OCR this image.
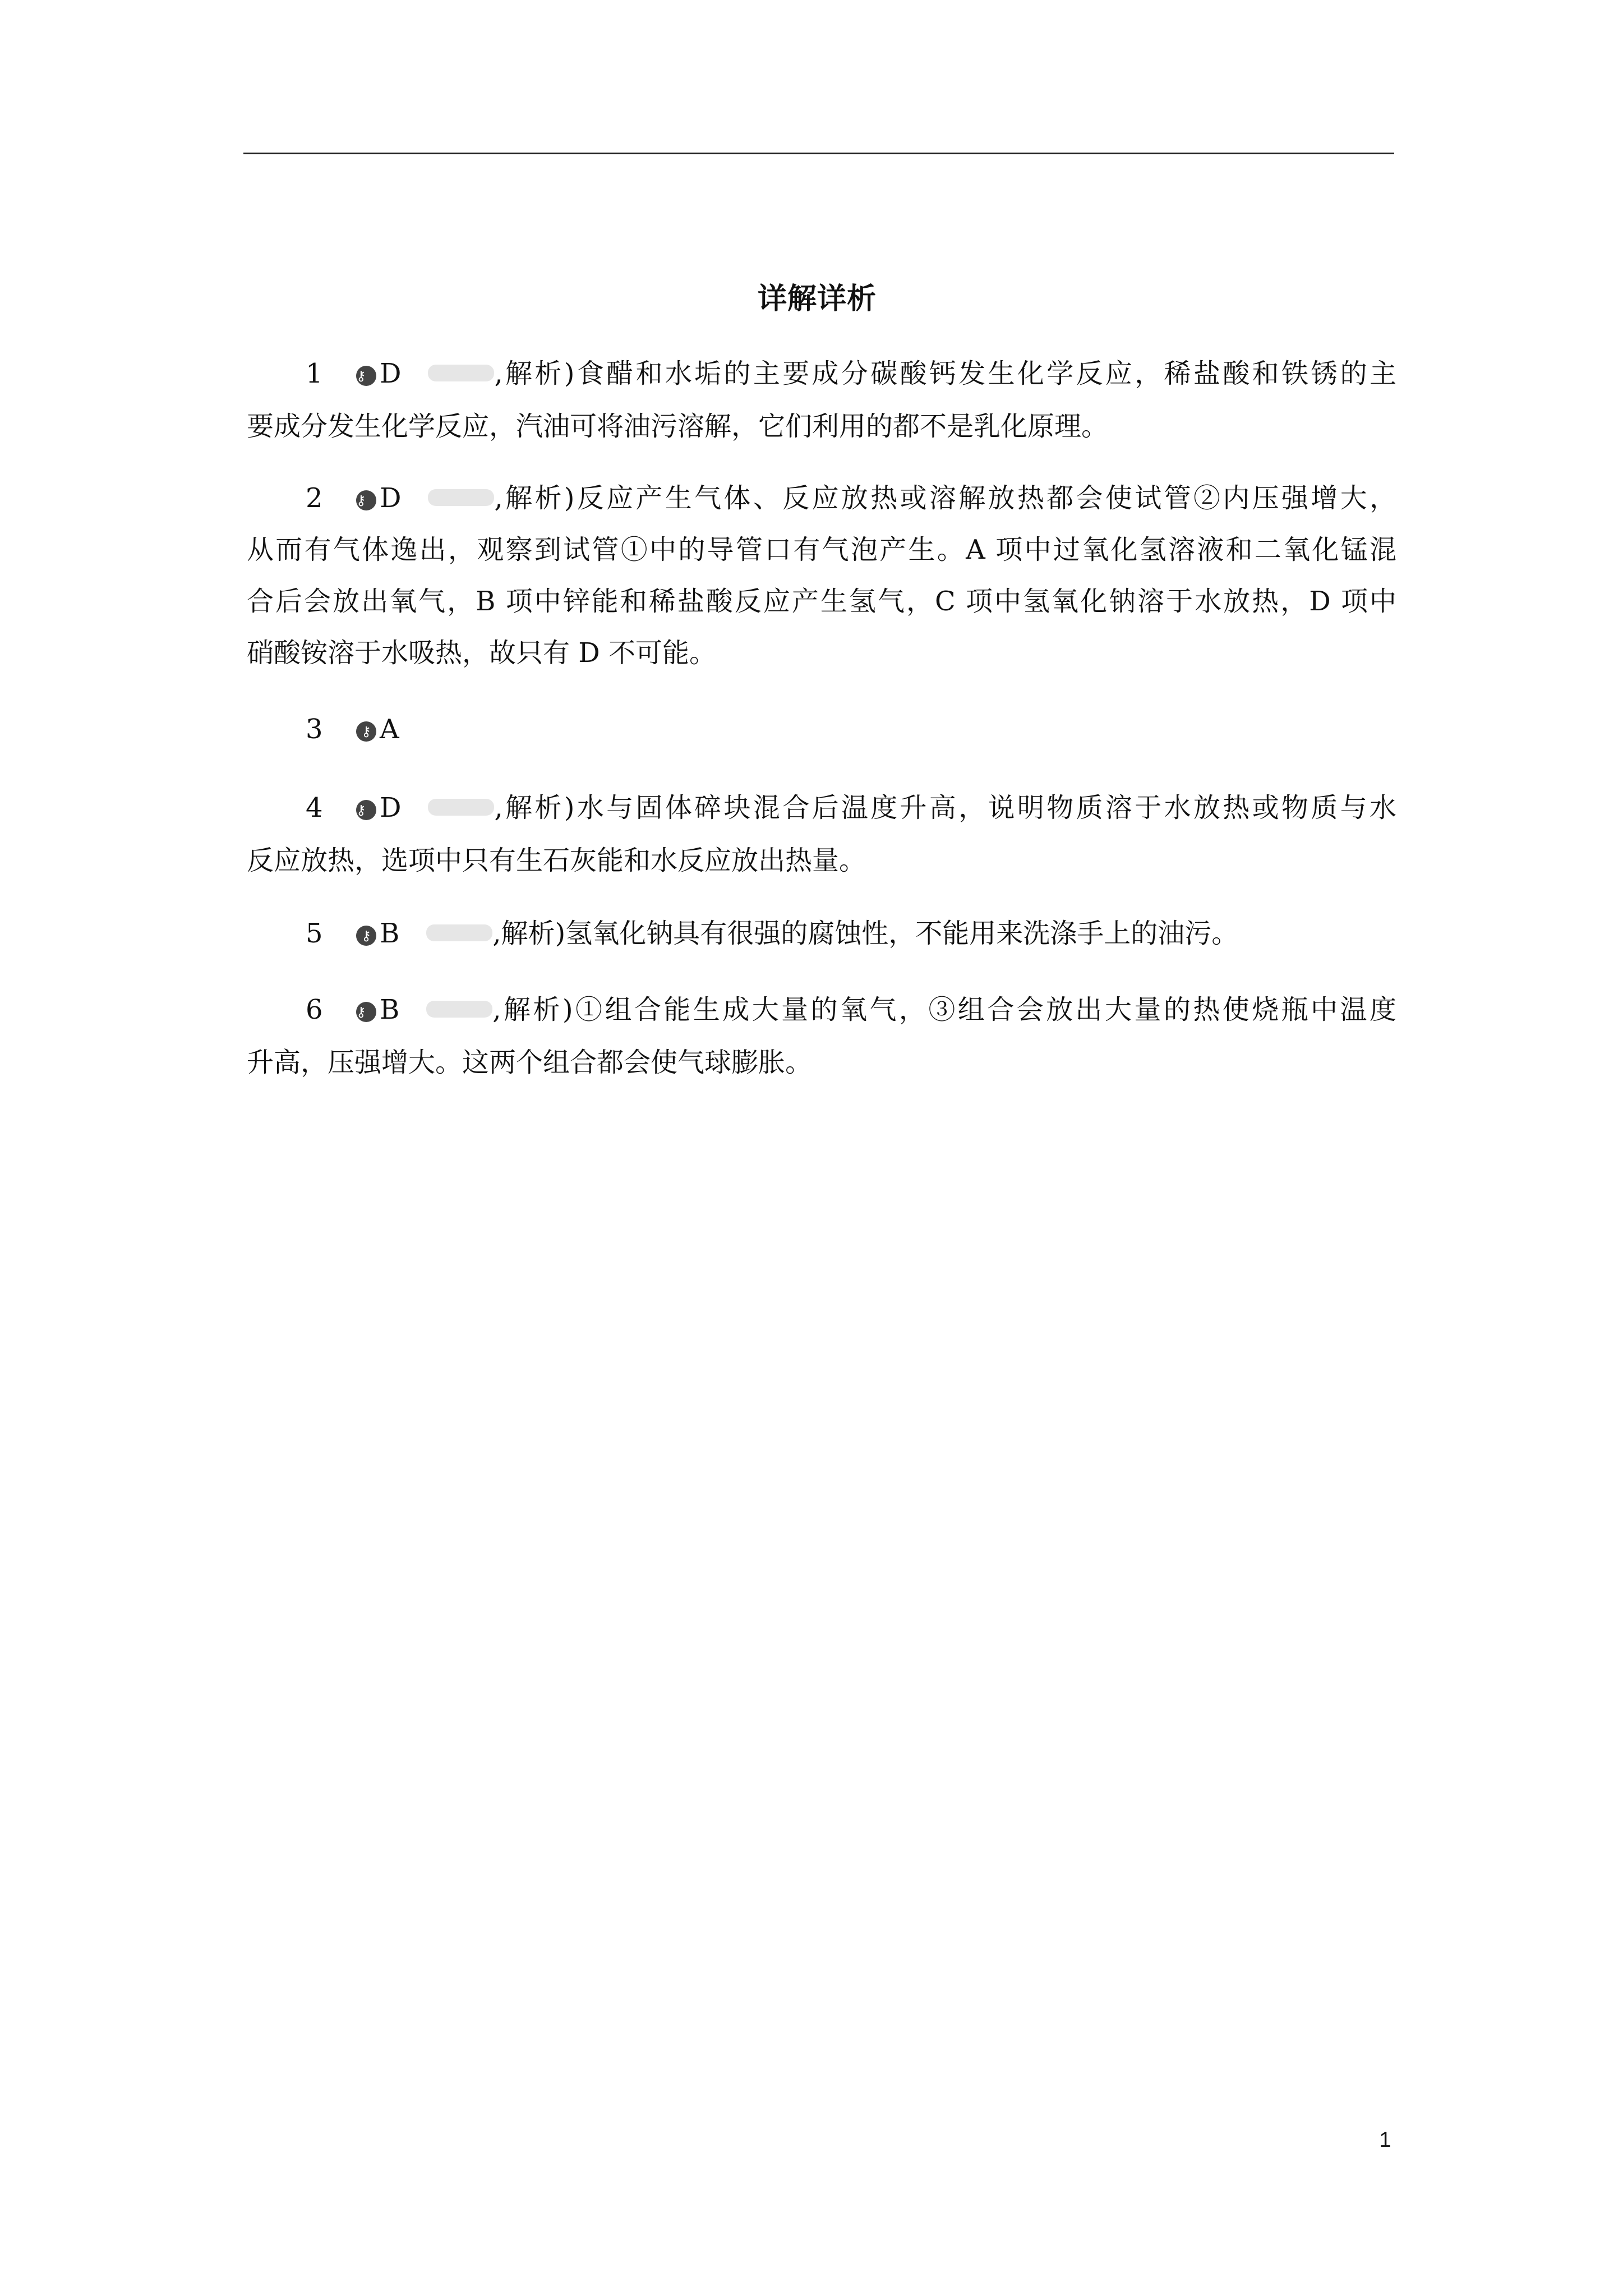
详解详析
1 ⚷ D	,解析)食醋和水垢的主要成分碳酸钙发生化学反应，稀盐酸和铁锈的主
要成分发生化学反应，汽油可将油污溶解，它们利用的都不是乳化原理。
2 ⚷ D	,解析)反应产生气体、反应放热或溶解放热都会使试管②内压强增大，
从而有气体逸出，观察到试管①中的导管口有气泡产生。A 项中过氧化氢溶液和二氧化锰混
合后会放出氧气，B 项中锌能和稀盐酸反应产生氢气，C 项中氢氧化钠溶于水放热，D 项中
硝酸铵溶于水吸热，故只有 D 不可能。
3	⚷ A
4 ⚷ D	,解析)水与固体碎块混合后温度升高，说明物质溶于水放热或物质与水
反应放热，选项中只有生石灰能和水反应放出热量。
5	⚷ B	,解析)氢氧化钠具有很强的腐蚀性，不能用来洗涤手上的油污。
6 ⚷ B	,解析)①组合能生成大量的氧气，③组合会放出大量的热使烧瓶中温度
升高，压强增大。这两个组合都会使气球膨胀。
1
